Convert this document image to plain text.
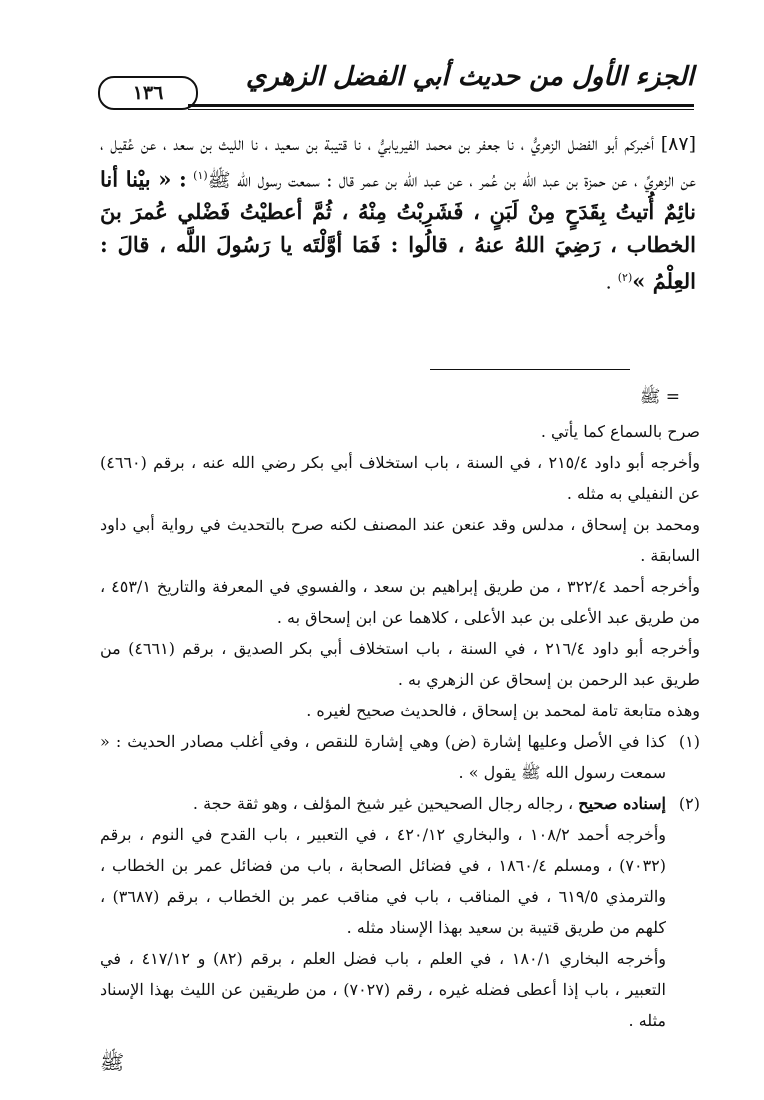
١٣٦
الجزء الأول من حديث أبي الفضل الزهري
[٨٧] أخبركم أبو الفضل الزهريُّ ، نا جعفر بن محمد الفيريابيُّ ، نا قتيبة بن سعيد ، نا الليث بن سعد ، عن عُقيل ، عن الزهريِّ ، عن حمزة بن عبد الله بن عُمر ، عن عبد الله بن عمر قال : سمعت رسول الله ﷺ$^{(١)}$ : « بيْنا أنا نائِمٌ أُتيتُ بِقَدَحٍ مِنْ لَبَنٍ ، فَشَرِبْتُ مِنْهُ ، ثُمَّ أعطيْتُ فَضْلي عُمرَ بنَ الخطاب ، رَضِيَ اللهُ عنهُ ، قالُوا : فَمَا أوَّلْتَه يا رَسُولَ اللَّه ، قالَ : العِلْمُ »$^{(٢)}$ .
= ﷺ
صرح بالسماع كما يأتي .
وأخرجه أبو داود ٢١٥/٤ ، في السنة ، باب استخلاف أبي بكر رضي الله عنه ، برقم (٤٦٦٠) عن النفيلي به مثله .
ومحمد بن إسحاق ، مدلس وقد عنعن عند المصنف لكنه صرح بالتحديث في رواية أبي داود السابقة .
وأخرجه أحمد ٣٢٢/٤ ، من طريق إبراهيم بن سعد ، والفسوي في المعرفة والتاريخ ٤٥٣/١ ، من طريق عبد الأعلى بن عبد الأعلى ، كلاهما عن ابن إسحاق به .
وأخرجه أبو داود ٢١٦/٤ ، في السنة ، باب استخلاف أبي بكر الصديق ، برقم (٤٦٦١) من طريق عبد الرحمن بن إسحاق عن الزهري به .
وهذه متابعة تامة لمحمد بن إسحاق ، فالحديث صحيح لغيره .
(١)
كذا في الأصل وعليها إشارة (ض) وهي إشارة للنقص ، وفي أغلب مصادر الحديث : « سمعت رسول الله ﷺ يقول » .
(٢)
إسناده صحيح ، رجاله رجال الصحيحين غير شيخ المؤلف ، وهو ثقة حجة .
وأخرجه أحمد ١٠٨/٢ ، والبخاري ٤٢٠/١٢ ، في التعبير ، باب القدح في النوم ، برقم (٧٠٣٢) ، ومسلم ١٨٦٠/٤ ، في فضائل الصحابة ، باب من فضائل عمر بن الخطاب ، والترمذي ٦١٩/٥ ، في المناقب ، باب في مناقب عمر بن الخطاب ، برقم (٣٦٨٧) ، كلهم من طريق قتيبة بن سعيد بهذا الإسناد مثله .
وأخرجه البخاري ١٨٠/١ ، في العلم ، باب فضل العلم ، برقم (٨٢) و ٤١٧/١٢ ، في التعبير ، باب إذا أعطى فضله غيره ، رقم (٧٠٢٧) ، من طريقين عن الليث بهذا الإسناد مثله .
ﷺ
